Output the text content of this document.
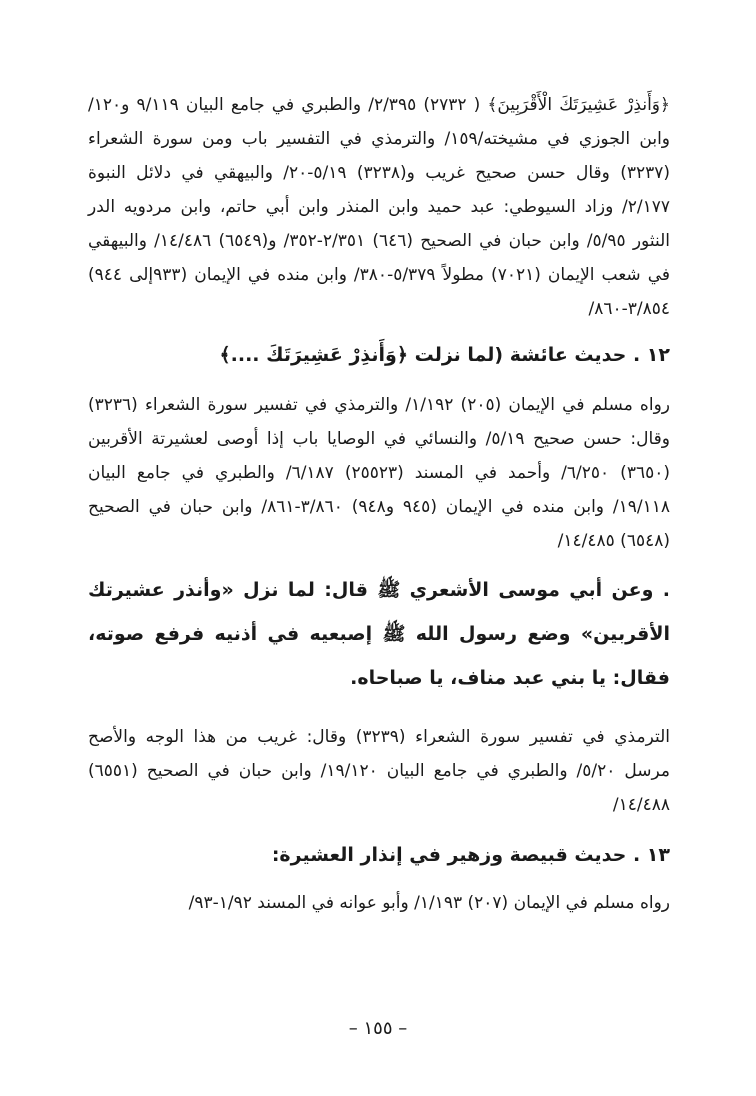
﴿وَأَنذِرْ عَشِيرَتَكَ الْأَقْرَبِينَ﴾ ( ٢٧٣٢) ٢/٣٩٥/ والطبري في جامع البيان ٩/١١٩ و١٢٠/ وابن الجوزي في مشيخته/١٥٩/ والترمذي في التفسير باب ومن سورة الشعراء (٣٢٣٧) وقال حسن صحيح غريب و(٣٢٣٨) ٥/١٩-٢٠/ والبيهقي في دلائل النبوة ٢/١٧٧/ وزاد السيوطي: عبد حميد وابن المنذر وابن أبي حاتم، وابن مردويه الدر النثور ٥/٩٥/ وابن حبان في الصحيح (٦٤٦) ٢/٣٥١-٣٥٢/ و(٦٥٤٩) ١٤/٤٨٦/ والبيهقي في شعب الإيمان (٧٠٢١) مطولاً ٥/٣٧٩-٣٨٠/ وابن منده في الإيمان (٩٣٣إلى ٩٤٤) ٣/٨٥٤-٨٦٠/

١٢ . حديث عائشة (لما نزلت ﴿وَأَنذِرْ عَشِيرَتَكَ ....﴾

رواه مسلم في الإيمان (٢٠٥) ١/١٩٢/ والترمذي في تفسير سورة الشعراء (٣٢٣٦) وقال: حسن صحيح ٥/١٩/ والنسائي في الوصايا باب إذا أوصى لعشيرتة الأقربين (٣٦٥٠) ٦/٢٥٠/ وأحمد في المسند (٢٥٥٢٣) ٦/١٨٧/ والطبري في جامع البيان ١٩/١١٨/ وابن منده في الإيمان (٩٤٥ و٩٤٨) ٣/٨٦٠-٨٦١/ وابن حبان في الصحيح (٦٥٤٨) ١٤/٤٨٥/

. وعن أبي موسى الأشعري ﷺ قال: لما نزل «وأنذر عشيرتك الأقربين» وضع رسول الله ﷺ إصبعيه في أذنيه فرفع صوته، فقال: يا بني عبد مناف، يا صباحاه.

الترمذي في تفسير سورة الشعراء (٣٢٣٩) وقال: غريب من هذا الوجه والأصح مرسل ٥/٢٠/ والطبري في جامع البيان ١٩/١٢٠/ وابن حبان في الصحيح (٦٥٥١) ١٤/٤٨٨/

١٣ . حديث قبيصة وزهير في إنذار العشيرة:

رواه مسلم في الإيمان (٢٠٧) ١/١٩٣/ وأبو عوانه في المسند ١/٩٢-٩٣/

– ١٥٥ –
